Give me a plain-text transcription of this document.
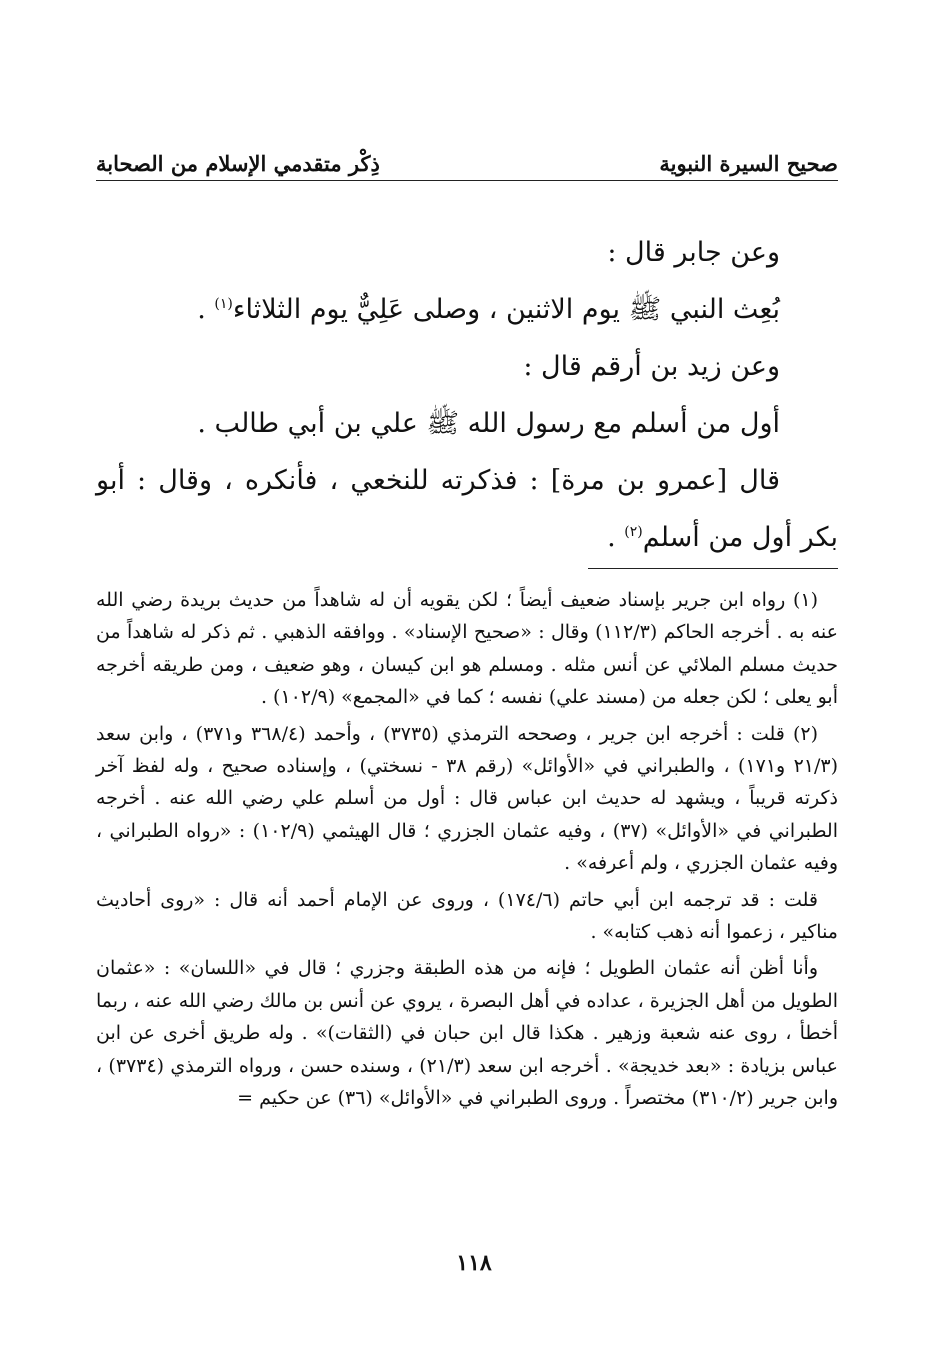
صحيح السيرة النبوية
ذِكْر متقدمي الإسلام من الصحابة

وعن جابر قال :

بُعِث النبي ﷺ يوم الاثنين ، وصلى عَلِيٌّ يوم الثلاثاء$^{(١)}$ .

وعن زيد بن أرقم قال :

أول من أسلم مع رسول الله ﷺ علي بن أبي طالب .

قال [عمرو بن مرة] : فذكرته للنخعي ، فأنكره ، وقال : أبو بكر أول من أسلم$^{(٢)}$ .

(١) رواه ابن جرير بإسناد ضعيف أيضاً ؛ لكن يقويه أن له شاهداً من حديث بريدة رضي الله عنه به . أخرجه الحاكم (١١٢/٣) وقال : «صحيح الإسناد» . ووافقه الذهبي . ثم ذكر له شاهداً من حديث مسلم الملائي عن أنس مثله . ومسلم هو ابن كيسان ، وهو ضعيف ، ومن طريقه أخرجه أبو يعلى ؛ لكن جعله من (مسند علي) نفسه ؛ كما في «المجمع» (١٠٢/٩) .

(٢) قلت : أخرجه ابن جرير ، وصححه الترمذي (٣٧٣٥) ، وأحمد (٣٦٨/٤ و٣٧١) ، وابن سعد (٢١/٣ و١٧١) ، والطبراني في «الأوائل» (رقم ٣٨ - نسختي) ، وإسناده صحيح ، وله لفظ آخر ذكرته قريباً ، ويشهد له حديث ابن عباس قال : أول من أسلم علي رضي الله عنه . أخرجه الطبراني في «الأوائل» (٣٧) ، وفيه عثمان الجزري ؛ قال الهيثمي (١٠٢/٩) : «رواه الطبراني ، وفيه عثمان الجزري ، ولم أعرفه» .

قلت : قد ترجمه ابن أبي حاتم (١٧٤/٦) ، وروى عن الإمام أحمد أنه قال : «روى أحاديث مناكير ، زعموا أنه ذهب كتابه» .

وأنا أظن أنه عثمان الطويل ؛ فإنه من هذه الطبقة وجزري ؛ قال في «اللسان» : «عثمان الطويل من أهل الجزيرة ، عداده في أهل البصرة ، يروي عن أنس بن مالك رضي الله عنه ، ربما أخطأ ، روى عنه شعبة وزهير . هكذا قال ابن حبان في (الثقات)» . وله طريق أخرى عن ابن عباس بزيادة : «بعد خديجة» . أخرجه ابن سعد (٢١/٣) ، وسنده حسن ، ورواه الترمذي (٣٧٣٤) ، وابن جرير (٣١٠/٢) مختصراً . وروى الطبراني في «الأوائل» (٣٦) عن حكيم =

١١٨
